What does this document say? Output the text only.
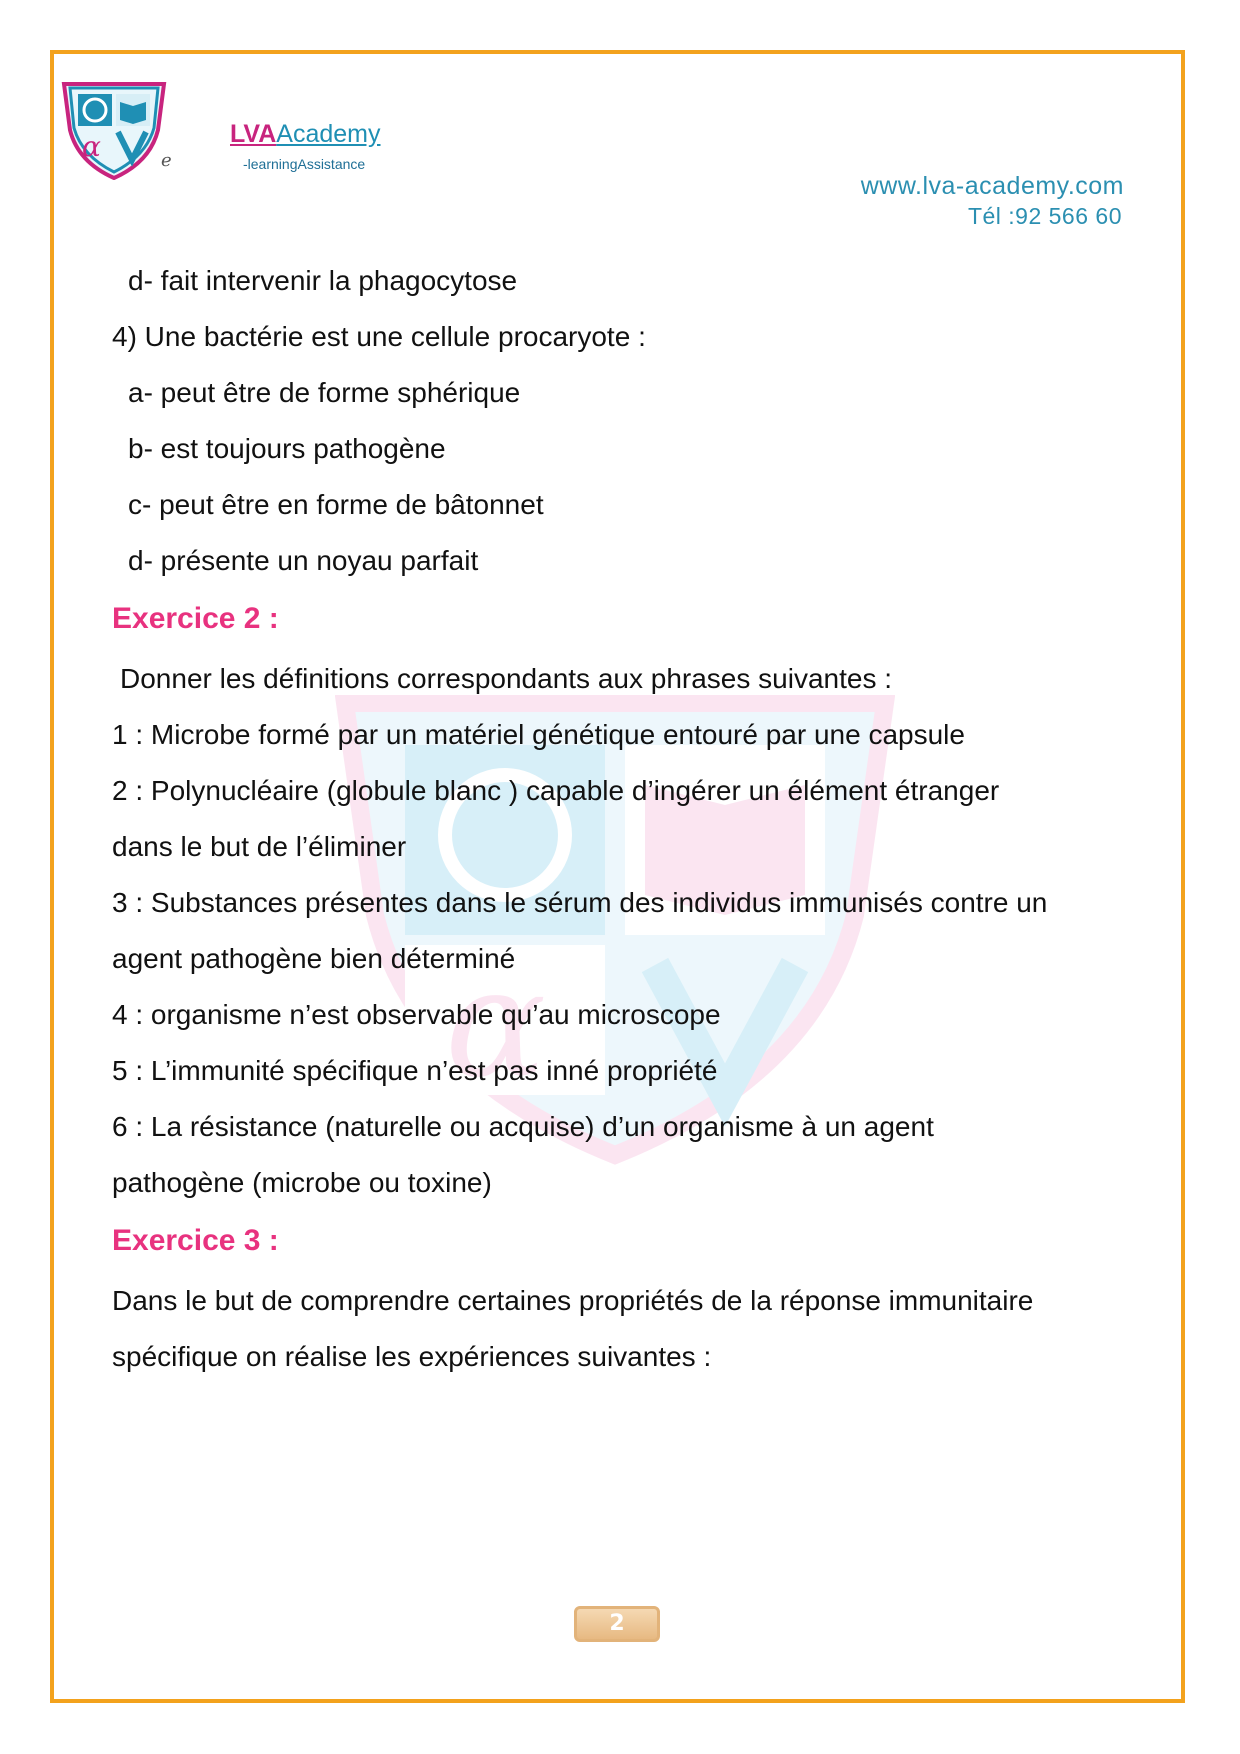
α	e
LVAAcademy
-learningAssistance
www.lva-academy.com
Tél :92 566 60
α
d- fait intervenir la phagocytose
4) Une bactérie est une cellule procaryote :
a- peut être de forme sphérique
b- est toujours pathogène
c- peut être en forme de bâtonnet
d- présente un noyau parfait
Exercice 2 :
Donner les définitions correspondants aux phrases suivantes :
1 : Microbe formé par un matériel génétique entouré par une capsule
2 : Polynucléaire (globule blanc ) capable d’ingérer un élément étranger
dans le but de l’éliminer
3 : Substances présentes dans le sérum des individus immunisés contre un
agent pathogène bien déterminé
4 : organisme n’est observable qu’au microscope
5 : L’immunité spécifique n’est pas inné propriété
6 : La résistance (naturelle ou acquise) d’un organisme à un agent
pathogène (microbe ou toxine)
Exercice 3 :
Dans le but de comprendre certaines propriétés de la réponse immunitaire
spécifique on réalise les expériences suivantes :
2
